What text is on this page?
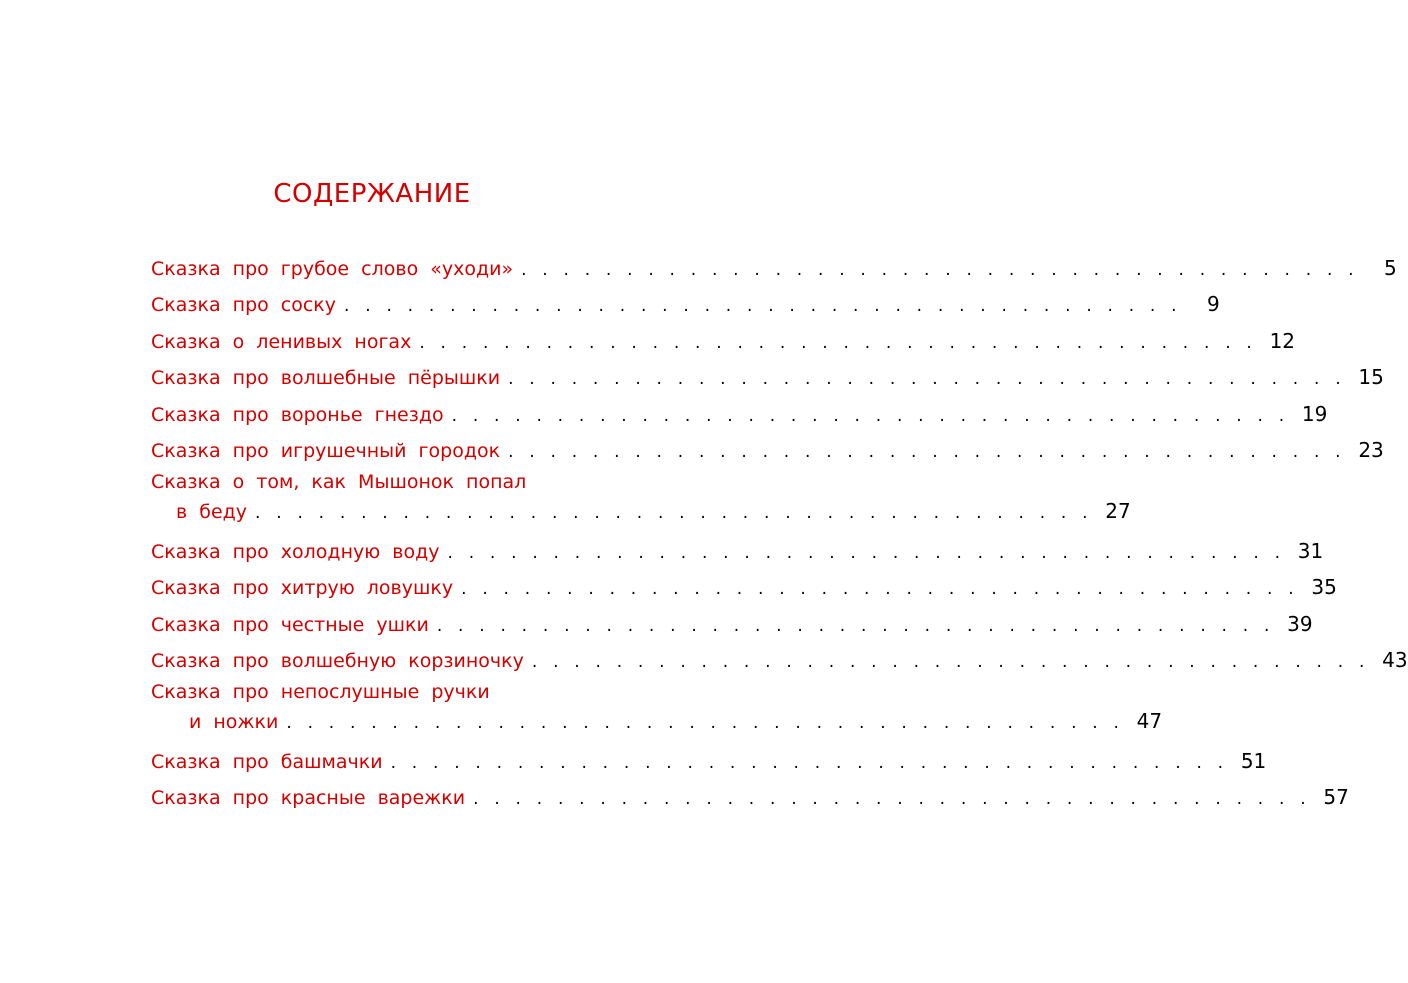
СОДЕРЖАНИЕ
Сказка про грубое слово «уходи» . . . . . . . . . . . . . . . . . . . . . . . . . . . . . . . . . . . . . . . .	5
Сказка про соску . . . . . . . . . . . . . . . . . . . . . . . . . . . . . . . . . . . . . . . .	9
Сказка о ленивых ногах . . . . . . . . . . . . . . . . . . . . . . . . . . . . . . . . . . . . . . . . 12
Сказка про волшебные пёрышки . . . . . . . . . . . . . . . . . . . . . . . . . . . . . . . . . . . . . . . . 15
Сказка про воронье гнездо . . . . . . . . . . . . . . . . . . . . . . . . . . . . . . . . . . . . . . . . 19
Сказка про игрушечный городок . . . . . . . . . . . . . . . . . . . . . . . . . . . . . . . . . . . . . . . . 23
Сказка о том, как Мышонок попал
в беду . . . . . . . . . . . . . . . . . . . . . . . . . . . . . . . . . . . . . . . . 27
Сказка про холодную воду . . . . . . . . . . . . . . . . . . . . . . . . . . . . . . . . . . . . . . . . 31
Сказка про хитрую ловушку . . . . . . . . . . . . . . . . . . . . . . . . . . . . . . . . . . . . . . . . 35
Сказка про честные ушки . . . . . . . . . . . . . . . . . . . . . . . . . . . . . . . . . . . . . . . . 39
Сказка про волшебную корзиночку . . . . . . . . . . . . . . . . . . . . . . . . . . . . . . . . . . . . . . . . 43
Сказка про непослушные ручки
и ножки . . . . . . . . . . . . . . . . . . . . . . . . . . . . . . . . . . . . . . . . 47
Сказка про башмачки . . . . . . . . . . . . . . . . . . . . . . . . . . . . . . . . . . . . . . . . 51
Сказка про красные варежки . . . . . . . . . . . . . . . . . . . . . . . . . . . . . . . . . . . . . . . . 57
